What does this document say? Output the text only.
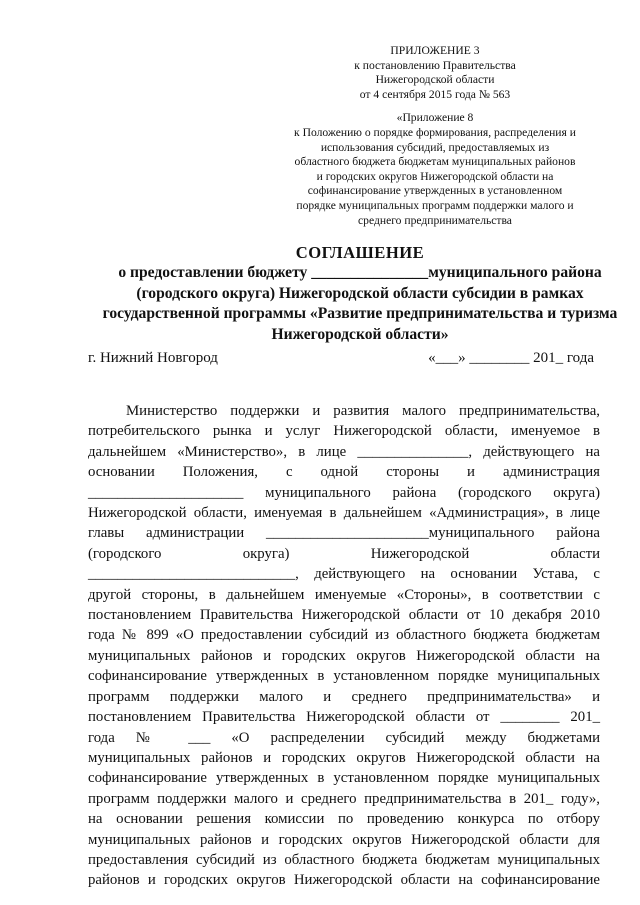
ПРИЛОЖЕНИЕ 3
к постановлению Правительства
Нижегородской области
от 4 сентября 2015 года № 563
«Приложение 8
к Положению о порядке формирования, распределения и
использования субсидий, предоставляемых из
областного бюджета бюджетам муниципальных районов
и городских округов Нижегородской области на
софинансирование утвержденных в установленном
порядке муниципальных программ поддержки малого и
среднего предпринимательства
СОГЛАШЕНИЕ
о предоставлении бюджету _______________муниципального района
(городского округа) Нижегородской области субсидии в рамках
государственной программы «Развитие предпринимательства и туризма
Нижегородской области»
г. Нижний Новгород	«___» ________ 201_ года
Министерство поддержки и развития малого предпринимательства,
потребительского рынка и услуг Нижегородской области, именуемое в
дальнейшем «Министерство», в лице _______________, действующего на
основании Положения, с одной стороны и администрация
_____________________ муниципального района (городского округа)
Нижегородской области, именуемая в дальнейшем «Администрация», в лице
главы администрации ______________________муниципального района
(городского округа) Нижегородской области
____________________________, действующего на основании Устава, с
другой стороны, в дальнейшем именуемые «Стороны», в соответствии с
постановлением Правительства Нижегородской области от 10 декабря 2010
года № 899 «О предоставлении субсидий из областного бюджета бюджетам
муниципальных районов и городских округов Нижегородской области на
софинансирование утвержденных в установленном порядке муниципальных
программ поддержки малого и среднего предпринимательства» и
постановлением Правительства Нижегородской области от ________ 201_
года № ___ «О распределении субсидий между бюджетами
муниципальных районов и городских округов Нижегородской области на
софинансирование утвержденных в установленном порядке муниципальных
программ поддержки малого и среднего предпринимательства в 201_ году»,
на основании решения комиссии по проведению конкурса по отбору
муниципальных районов и городских округов Нижегородской области для
предоставления субсидий из областного бюджета бюджетам муниципальных
районов и городских округов Нижегородской области на софинансирование
